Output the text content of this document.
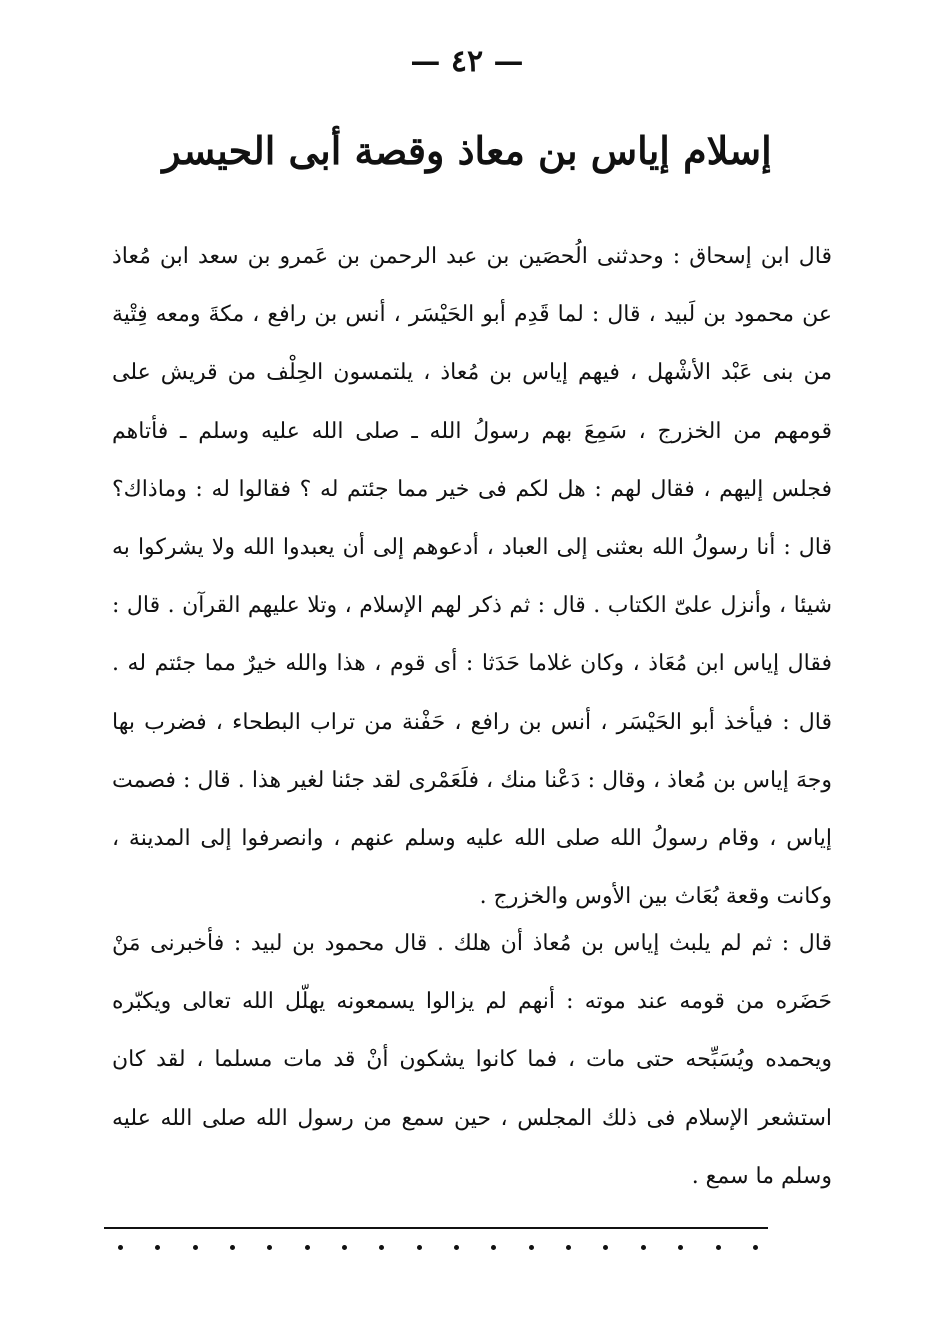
— ٤٢ —
إسلام إياس بن معاذ وقصة أبى الحيسر

قال ابن إسحاق : وحدثنى الُحصَين بن عبد الرحمن بن عَمرو بن سعد ابن مُعاذ عن محمود بن لَبيد ، قال : لما قَدِم أبو الحَيْسَر ، أنس بن رافع ، مكةَ ومعه فِتْية من بنى عَبْد الأشْهل ، فيهم إياس بن مُعاذ ، يلتمسون الحِلْف من قريش على قومهم من الخزرج ، سَمِعَ بهم رسولُ الله ـ صلى الله عليه وسلم ـ فأتاهم فجلس إليهم ، فقال لهم : هل لكم فى خير مما جئتم له ؟ فقالوا له : وماذاك؟ قال : أنا رسولُ الله بعثنى إلى العباد ، أدعوهم إلى أن يعبدوا الله ولا يشركوا به شيئا ، وأنزل علىّ الكتاب . قال : ثم ذكر لهم الإسلام ، وتلا عليهم القرآن . قال : فقال إياس ابن مُعَاذ ، وكان غلاما حَدَثا : أى قوم ، هذا والله خيرٌ مما جئتم له . قال : فيأخذ أبو الحَيْسَر ، أنس بن رافع ، حَفْنة من تراب البطحاء ، فضرب بها وجهَ إياس بن مُعاذ ، وقال : دَعْنا منك ، فلَعَمْرى لقد جئنا لغير هذا . قال : فصمت إياس ، وقام رسولُ الله صلى الله عليه وسلم عنهم ، وانصرفوا إلى المدينة ، وكانت وقعة بُعَاث بين الأوس والخزرج .

قال : ثم لم يلبث إياس بن مُعاذ أن هلك . قال محمود بن لبيد : فأخبرنى مَنْ حَضَره من قومه عند موته : أنهم لم يزالوا يسمعونه يهلّل الله تعالى ويكبّره ويحمده ويُسَبِّحه حتى مات ، فما كانوا يشكون أنْ قد مات مسلما ، لقد كان استشعر الإسلام فى ذلك المجلس ، حين سمع من رسول الله صلى الله عليه وسلم ما سمع .
